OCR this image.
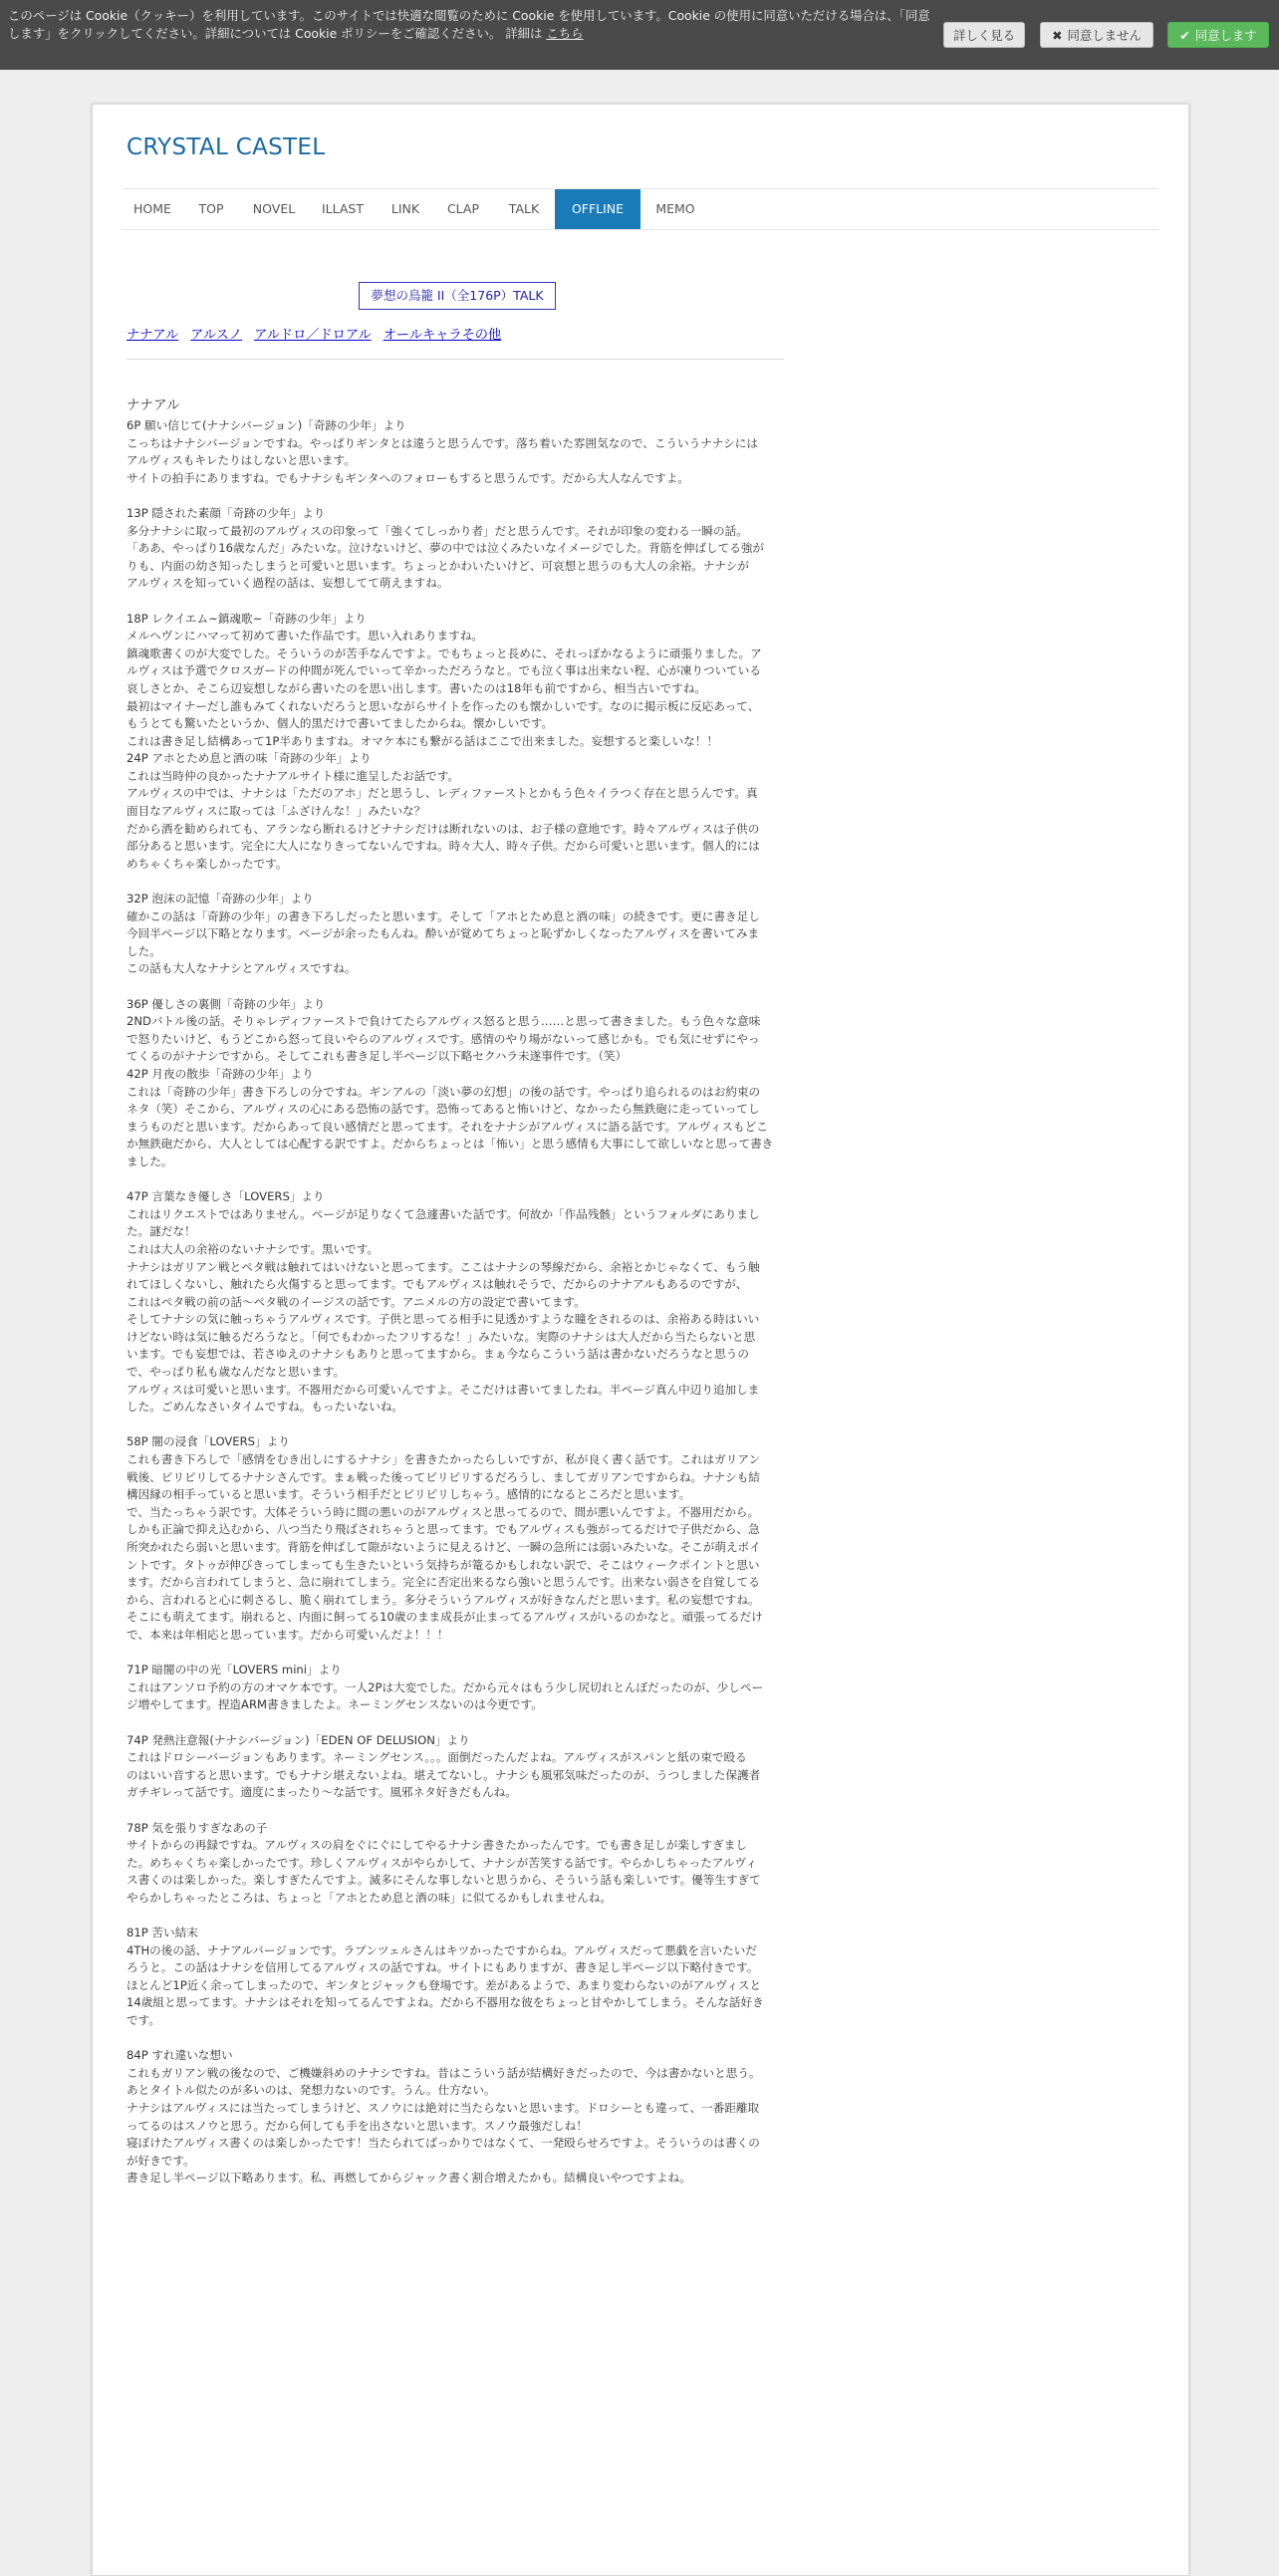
このページは Cookie（クッキー）を利用しています。このサイトでは快適な閲覧のために Cookie を使用しています。Cookie の使用に同意いただける場合は、「同意します」をクリックしてください。詳細については Cookie ポリシーをご確認ください。 詳細は こちら	詳しく見る	✖ 同意しません	✔ 同意します
CRYSTAL CASTEL
HOME	TOP	NOVEL	ILLAST	LINK	CLAP	TALK	OFFLINE	MEMO
夢想の鳥籠 II（全176P）TALK
ナナアル アルスノ アルドロ／ドロアル オールキャラその他
ナナアル

6P 願い信じて(ナナシバージョン)「奇跡の少年」より

こっちはナナシバージョンですね。やっぱりギンタとは違うと思うんです。落ち着いた雰囲気なので、こういうナナシには

アルヴィスもキレたりはしないと思います。

サイトの拍手にありますね。でもナナシもギンタへのフォローもすると思うんです。だから大人なんですよ。

13P 隠された素顔「奇跡の少年」より

多分ナナシに取って最初のアルヴィスの印象って「強くてしっかり者」だと思うんです。それが印象の変わる一瞬の話。

「ああ、やっぱり16歳なんだ」みたいな。泣けないけど、夢の中では泣くみたいなイメージでした。背筋を伸ばしてる強が

りも、内面の幼さ知ったしまうと可愛いと思います。ちょっとかわいたいけど、可哀想と思うのも大人の余裕。ナナシが

アルヴィスを知っていく過程の話は、妄想してて萌えますね。

18P レクイエム~鎮魂歌~「奇跡の少年」より

メルヘヴンにハマって初めて書いた作品です。思い入れありますね。

鎮魂歌書くのが大変でした。そういうのが苦手なんですよ。でもちょっと長めに、それっぽかなるように頑張りました。ア

ルヴィスは予選でクロスガードの仲間が死んでいって辛かっただろうなと。でも泣く事は出来ない程、心が凍りついている

哀しさとか、そこら辺妄想しながら書いたのを思い出します。書いたのは18年も前ですから、相当古いですね。

最初はマイナーだし誰もみてくれないだろうと思いながらサイトを作ったのも懐かしいです。なのに掲示板に反応あって、

もうとても驚いたというか、個人的黒だけで書いてましたからね。懐かしいです。

これは書き足し結構あって1P半ありますね。オマケ本にも繋がる話はここで出来ました。妄想すると楽しいな！！

24P アホとため息と酒の味「奇跡の少年」より

これは当時仲の良かったナナアルサイト様に進呈したお話です。

アルヴィスの中では、ナナシは「ただのアホ」だと思うし、レディファーストとかもう色々イラつく存在と思うんです。真

面目なアルヴィスに取っては「ふざけんな！」みたいな？

だから酒を勧められても、アランなら断れるけどナナシだけは断れないのは、お子様の意地です。時々アルヴィスは子供の

部分あると思います。完全に大人になりきってないんですね。時々大人、時々子供。だから可愛いと思います。個人的には

めちゃくちゃ楽しかったです。

32P 泡沫の記憶「奇跡の少年」より

確かこの話は「奇跡の少年」の書き下ろしだったと思います。そして「アホとため息と酒の味」の続きです。更に書き足し

今回半ページ以下略となります。ページが余ったもんね。酔いが覚めてちょっと恥ずかしくなったアルヴィスを書いてみま

した。

この話も大人なナナシとアルヴィスですね。

36P 優しさの裏側「奇跡の少年」より

2NDバトル後の話。そりゃレディファーストで負けてたらアルヴィス怒ると思う……と思って書きました。もう色々な意味

で怒りたいけど、もうどこから怒って良いやらのアルヴィスです。感情のやり場がないって感じかも。でも気にせずにやっ

てくるのがナナシですから。そしてこれも書き足し半ページ以下略セクハラ未遂事件です。（笑）

42P 月夜の散歩「奇跡の少年」より

これは「奇跡の少年」書き下ろしの分ですね。ギンアルの「淡い夢の幻想」の後の話です。やっぱり追られるのはお約束の

ネタ（笑）そこから、アルヴィスの心にある恐怖の話です。恐怖ってあると怖いけど、なかったら無鉄砲に走っていってし

まうものだと思います。だからあって良い感情だと思ってます。それをナナシがアルヴィスに語る話です。アルヴィスもどこ

か無鉄砲だから、大人としては心配する訳ですよ。だからちょっとは「怖い」と思う感情も大事にして欲しいなと思って書き

ました。

47P 言葉なき優しさ「LOVERS」より

これはリクエストではありません。ページが足りなくて急遽書いた話です。何故か「作品残骸」というフォルダにありまし

た。謎だな！

これは大人の余裕のないナナシです。黒いです。

ナナシはガリアン戦とペタ戦は触れてはいけないと思ってます。ここはナナシの琴線だから、余裕とかじゃなくて、もう触

れてほしくないし、触れたら火傷すると思ってます。でもアルヴィスは触れそうで、だからのナナアルもあるのですが、

これはペタ戦の前の話〜ペタ戦のイージスの話です。アニメルの方の設定で書いてます。

そしてナナシの気に触っちゃうアルヴィスです。子供と思ってる相手に見透かすような瞳をされるのは、余裕ある時はいい

けどない時は気に触るだろうなと。「何でもわかったフリするな！」みたいな。実際のナナシは大人だから当たらないと思

います。でも妄想では、若さゆえのナナシもありと思ってますから。まぁ今ならこういう話は書かないだろうなと思うの

で、やっぱり私も歳なんだなと思います。

アルヴィスは可愛いと思います。不器用だから可愛いんですよ。そこだけは書いてましたね。半ページ真ん中辺り追加しま

した。ごめんなさいタイムですね。もったいないね。

58P 闇の浸食「LOVERS」より

これも書き下ろしで「感情をむき出しにするナナシ」を書きたかったらしいですが、私が良く書く話です。これはガリアン

戦後、ピリピリしてるナナシさんです。まぁ戦った後ってピリピリするだろうし、ましてガリアンですからね。ナナシも結

構因縁の相手っていると思います。そういう相手だとピリピリしちゃう。感情的になるところだと思います。

で、当たっちゃう訳です。大体そういう時に間の悪いのがアルヴィスと思ってるので、間が悪いんですよ。不器用だから。

しかも正論で抑え込むから、八つ当たり飛ばされちゃうと思ってます。でもアルヴィスも強がってるだけで子供だから、急

所突かれたら弱いと思います。背筋を伸ばして隙がないように見えるけど、一瞬の急所には弱いみたいな。そこが萌えポイ

ントです。タトゥが伸びきってしまっても生きたいという気持ちが篭るかもしれない訳で、そこはウィークポイントと思い

ます。だから言われてしまうと、急に崩れてしまう。完全に否定出来るなら強いと思うんです。出来ない弱さを自覚してる

から、言われると心に刺さるし、脆く崩れてしまう。多分そういうアルヴィスが好きなんだと思います。私の妄想ですね。

そこにも萌えてます。崩れると、内面に飼ってる10歳のまま成長が止まってるアルヴィスがいるのかなと。頑張ってるだけ

で、本来は年相応と思っています。だから可愛いんだよ！！！

71P 暗闇の中の光「LOVERS mini」より

これはアンソロ予約の方のオマケ本です。一人2Pは大変でした。だから元々はもう少し尻切れとんぼだったのが、少しペー

ジ増やしてます。捏造ARM書きましたよ。ネーミングセンスないのは今更です。

74P 発熱注意報(ナナシバージョン)「EDEN OF DELUSION」より

これはドロシーバージョンもあります。ネーミングセンス。。。面倒だったんだよね。アルヴィスがスパンと紙の束で殴る

のはいい音すると思います。でもナナシ堪えないよね。堪えてないし。ナナシも風邪気味だったのが、うつしました保護者

ガチギレって話です。適度にまったり〜な話です。風邪ネタ好きだもんね。

78P 気を張りすぎなあの子

サイトからの再録ですね。アルヴィスの肩をぐにぐにしてやるナナシ書きたかったんです。でも書き足しが楽しすぎまし

た。めちゃくちゃ楽しかったです。珍しくアルヴィスがやらかして、ナナシが苦笑する話です。やらかしちゃったアルヴィ

ス書くのは楽しかった。楽しすぎたんですよ。滅多にそんな事しないと思うから、そういう話も楽しいです。優等生すぎて

やらかしちゃったところは、ちょっと「アホとため息と酒の味」に似てるかもしれませんね。

81P 苦い結末

4THの後の話、ナナアルバージョンです。ラプンツェルさんはキツかったですからね。アルヴィスだって悪戯を言いたいだ

ろうと。この話はナナシを信用してるアルヴィスの話ですね。サイトにもありますが、書き足し半ページ以下略付きです。

ほとんど1P近く余ってしまったので、ギンタとジャックも登場です。差があるようで、あまり変わらないのがアルヴィスと

14歳組と思ってます。ナナシはそれを知ってるんですよね。だから不器用な彼をちょっと甘やかしてしまう。そんな話好き

です。

84P すれ違いな想い

これもガリアン戦の後なので、ご機嫌斜めのナナシですね。昔はこういう話が結構好きだったので、今は書かないと思う。

あとタイトル似たのが多いのは、発想力ないのです。うん。仕方ない。

ナナシはアルヴィスには当たってしまうけど、スノウには絶対に当たらないと思います。ドロシーとも違って、一番距離取

ってるのはスノウと思う。だから何しても手を出さないと思います。スノウ最強だしね！

寝ぼけたアルヴィス書くのは楽しかったです！当たられてばっかりではなくて、一発殴らせろですよ。そういうのは書くの

が好きです。

書き足し半ページ以下略あります。私、再燃してからジャック書く割合増えたかも。結構良いやつですよね。
